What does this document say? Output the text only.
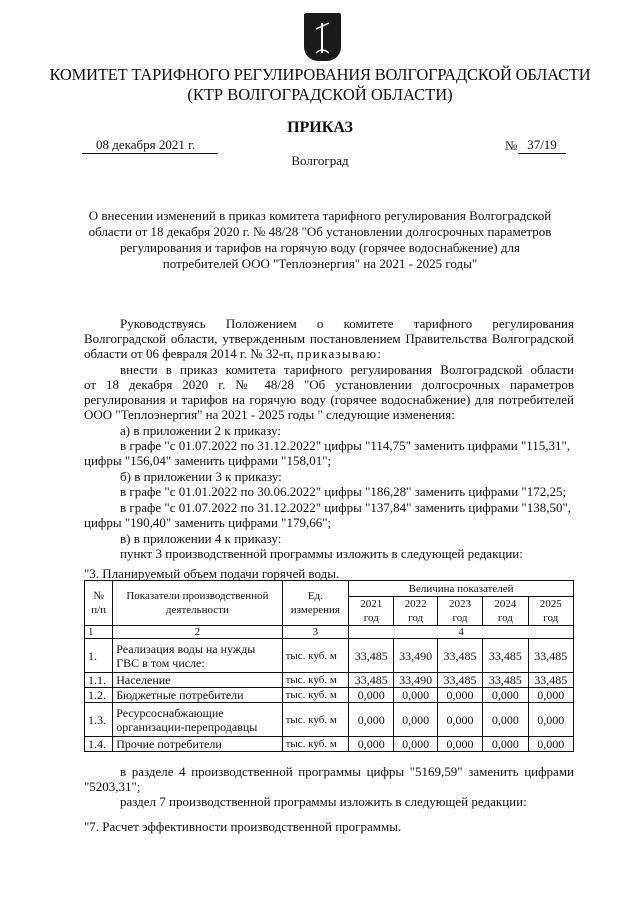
КОМИТЕТ ТАРИФНОГО РЕГУЛИРОВАНИЯ ВОЛГОГРАДСКОЙ ОБЛАСТИ
(КТР ВОЛГОГРАДСКОЙ ОБЛАСТИ)
ПРИКАЗ
08 декабря 2021 г.	№ 37/19
Волгоград
О внесении изменений в приказ комитета тарифного регулирования Волгоградской области от 18 декабря 2020 г. № 48/28 "Об установлении долгосрочных параметров регулирования и тарифов на горячую воду (горячее водоснабжение) для потребителей ООО "Теплоэнергия" на 2021 - 2025 годы"
Руководствуясь Положением о комитете тарифного регулирования
Волгоградской области, утвержденным постановлением Правительства Волгоградской
области от 06 февраля 2014 г. № 32-п, приказываю:
внести в приказ комитета тарифного регулирования Волгоградской области
от 18 декабря 2020 г. № 48/28 "Об установлении долгосрочных параметров
регулирования и тарифов на горячую воду (горячее водоснабжение) для потребителей
ООО "Теплоэнергия" на 2021 - 2025 годы " следующие изменения:
а) в приложении 2 к приказу:
в графе "с 01.07.2022 по 31.12.2022" цифры "114,75" заменить цифрами "115,31",
цифры "156,04" заменить цифрами "158,01";
б) в приложении 3 к приказу:
в графе "с 01.01.2022 по 30.06.2022" цифры "186,28" заменить цифрами "172,25;
в графе "с 01.07.2022 по 31.12.2022" цифры "137,84" заменить цифрами "138,50",
цифры "190,40" заменить цифрами "179,66";
в) в приложении 4 к приказу:
пункт 3 производственной программы изложить в следующей редакции:
"3. Планируемый объем подачи горячей воды.
№ п/п	Показатели производственной деятельности	Ед. измерения	Величина показателей				
			2021 год	2022 год	2023 год	2024 год	2025 год
1	2	3	4				
1.	Реализация воды на нужды ГВС в том числе:	тыс. куб. м	33,485	33,490	33,485	33,485	33,485
1.1.	Население	тыс. куб. м	33,485	33,490	33,485	33,485	33,485
1.2.	Бюджетные потребители	тыс. куб. м	0,000	0,000	0,000	0,000	0,000
1.3.	Ресурсоснабжающие организации-перепродавцы	тыс. куб. м	0,000	0,000	0,000	0,000	0,000
1.4.	Прочие потребители	тыс. куб. м	0,000	0,000	0,000	0,000	0,000
в разделе 4 производственной программы цифры "5169,59" заменить цифрами
"5203,31";
раздел 7 производственной программы изложить в следующей редакции:
"7. Расчет эффективности производственной программы.
